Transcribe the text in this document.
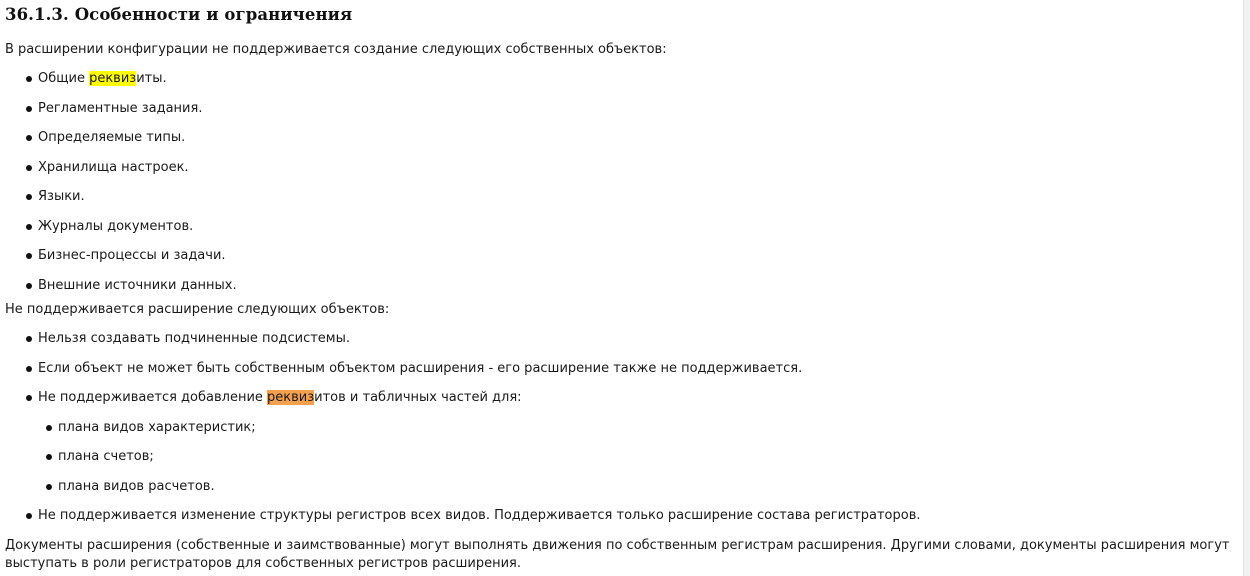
36.1.3. Особенности и ограничения

В расширении конфигурации не поддерживается создание следующих собственных объектов:

Общие реквизиты.
Регламентные задания.
Определяемые типы.
Хранилища настроек.
Языки.
Журналы документов.
Бизнес-процессы и задачи.
Внешние источники данных.

Не поддерживается расширение следующих объектов:

Нельзя создавать подчиненные подсистемы.
Если объект не может быть собственным объектом расширения - его расширение также не поддерживается.
Не поддерживается добавление реквизитов и табличных частей для:
плана видов характеристик;
плана счетов;
плана видов расчетов.
Не поддерживается изменение структуры регистров всех видов. Поддерживается только расширение состава регистраторов.

Документы расширения (собственные и заимствованные) могут выполнять движения по собственным регистрам расширения. Другими словами, документы расширения могут выступать в роли регистраторов для собственных регистров расширения.
